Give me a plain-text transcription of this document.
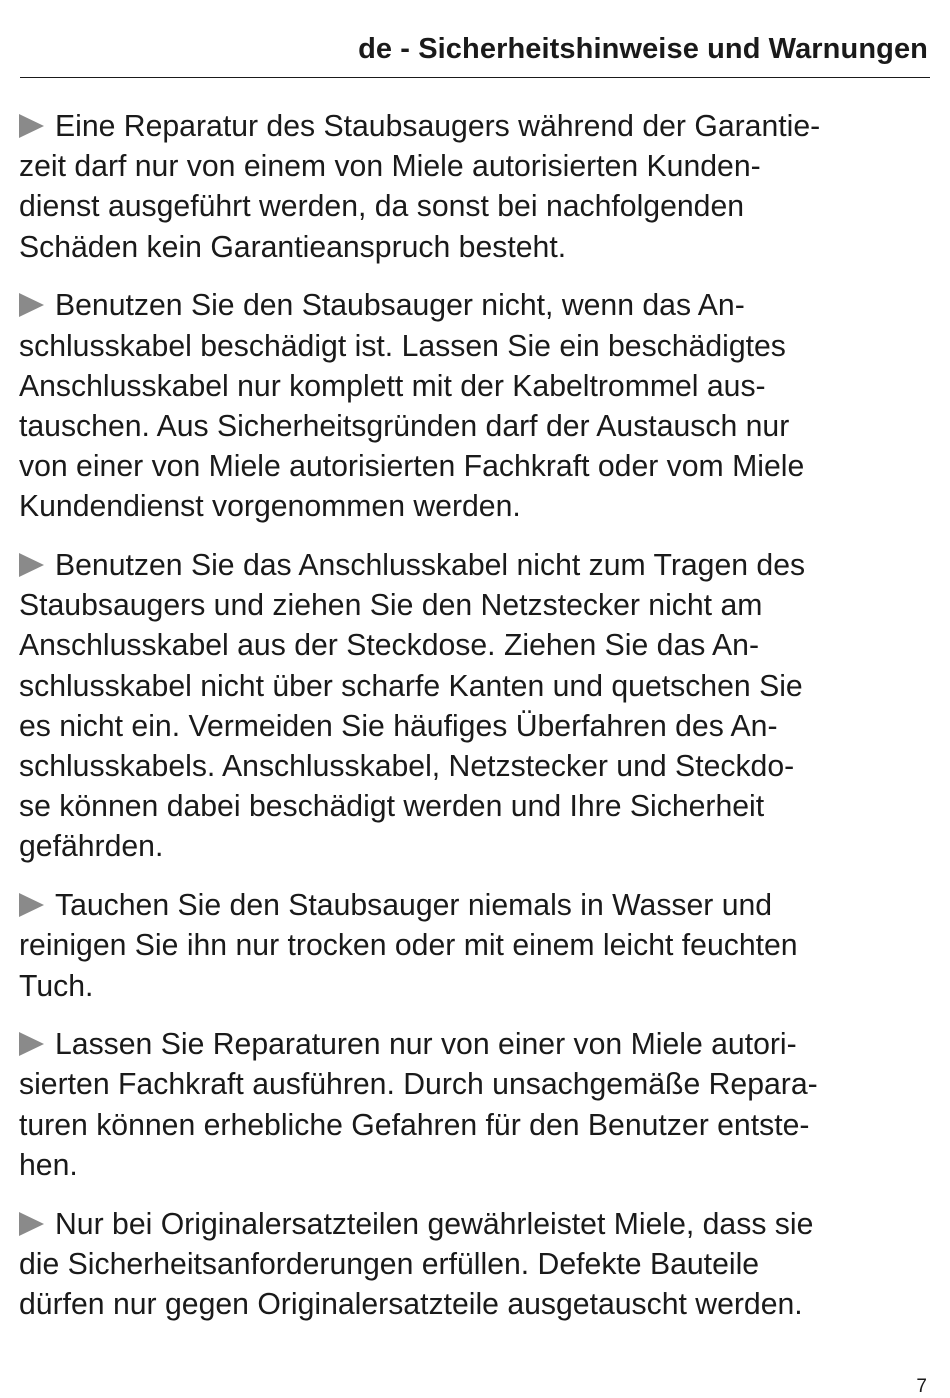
de - Sicherheitshinweise und Warnungen
Eine Reparatur des Staubsaugers während der Garantie-
zeit darf nur von einem von Miele autorisierten Kunden-
dienst ausgeführt werden, da sonst bei nachfolgenden
Schäden kein Garantieanspruch besteht.
Benutzen Sie den Staubsauger nicht, wenn das An-
schlusskabel beschädigt ist. Lassen Sie ein beschädigtes
Anschlusskabel nur komplett mit der Kabeltrommel aus-
tauschen. Aus Sicherheitsgründen darf der Austausch nur
von einer von Miele autorisierten Fachkraft oder vom Miele
Kundendienst vorgenommen werden.
Benutzen Sie das Anschlusskabel nicht zum Tragen des
Staubsaugers und ziehen Sie den Netzstecker nicht am
Anschlusskabel aus der Steckdose. Ziehen Sie das An-
schlusskabel nicht über scharfe Kanten und quetschen Sie
es nicht ein. Vermeiden Sie häufiges Überfahren des An-
schlusskabels. Anschlusskabel, Netzstecker und Steckdo-
se können dabei beschädigt werden und Ihre Sicherheit
gefährden.
Tauchen Sie den Staubsauger niemals in Wasser und
reinigen Sie ihn nur trocken oder mit einem leicht feuchten
Tuch.
Lassen Sie Reparaturen nur von einer von Miele autori-
sierten Fachkraft ausführen. Durch unsachgemäße Repara-
turen können erhebliche Gefahren für den Benutzer entste-
hen.
Nur bei Originalersatzteilen gewährleistet Miele, dass sie
die Sicherheitsanforderungen erfüllen. Defekte Bauteile
dürfen nur gegen Originalersatzteile ausgetauscht werden.
7
